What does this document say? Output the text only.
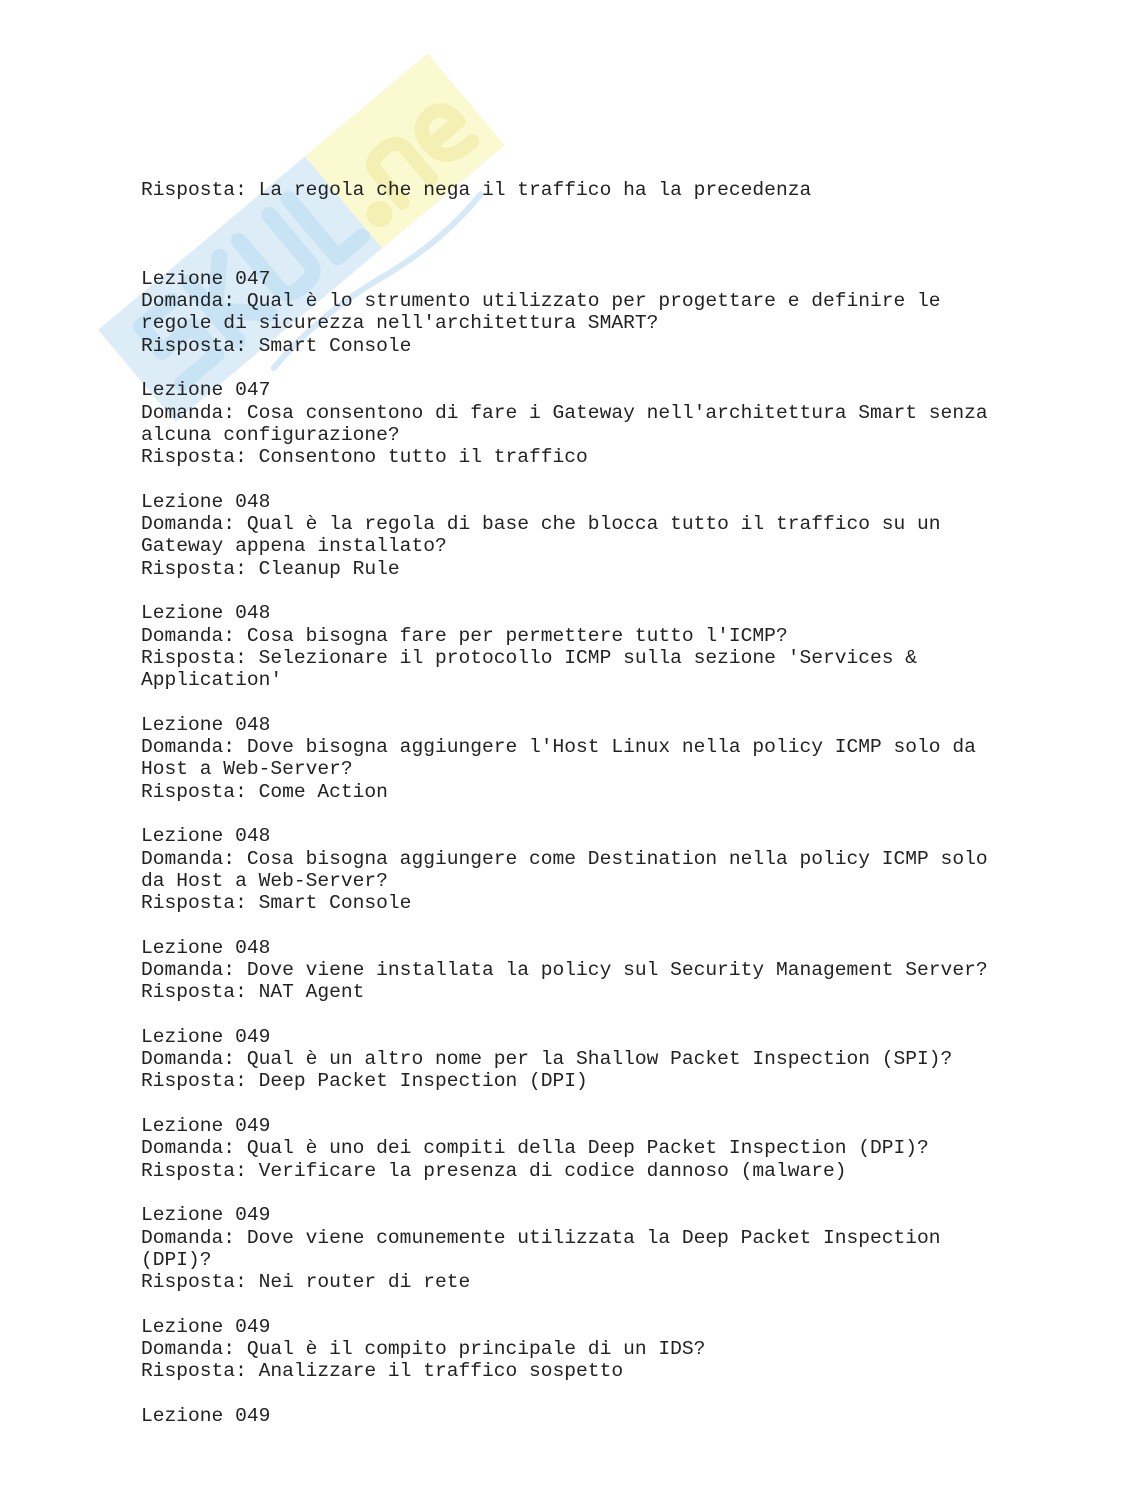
Risposta: La regola che nega il traffico ha la precedenza

Lezione 047
Domanda: Qual è lo strumento utilizzato per progettare e definire le
regole di sicurezza nell'architettura SMART?
Risposta: Smart Console
Lezione 047
Domanda: Cosa consentono di fare i Gateway nell'architettura Smart senza
alcuna configurazione?
Risposta: Consentono tutto il traffico
Lezione 048
Domanda: Qual è la regola di base che blocca tutto il traffico su un
Gateway appena installato?
Risposta: Cleanup Rule
Lezione 048
Domanda: Cosa bisogna fare per permettere tutto l'ICMP?
Risposta: Selezionare il protocollo ICMP sulla sezione 'Services &
Application'
Lezione 048
Domanda: Dove bisogna aggiungere l'Host Linux nella policy ICMP solo da
Host a Web-Server?
Risposta: Come Action
Lezione 048
Domanda: Cosa bisogna aggiungere come Destination nella policy ICMP solo
da Host a Web-Server?
Risposta: Smart Console
Lezione 048
Domanda: Dove viene installata la policy sul Security Management Server?
Risposta: NAT Agent
Lezione 049
Domanda: Qual è un altro nome per la Shallow Packet Inspection (SPI)?
Risposta: Deep Packet Inspection (DPI)
Lezione 049
Domanda: Qual è uno dei compiti della Deep Packet Inspection (DPI)?
Risposta: Verificare la presenza di codice dannoso (malware)
Lezione 049
Domanda: Dove viene comunemente utilizzata la Deep Packet Inspection
(DPI)?
Risposta: Nei router di rete
Lezione 049
Domanda: Qual è il compito principale di un IDS?
Risposta: Analizzare il traffico sospetto
Lezione 049
